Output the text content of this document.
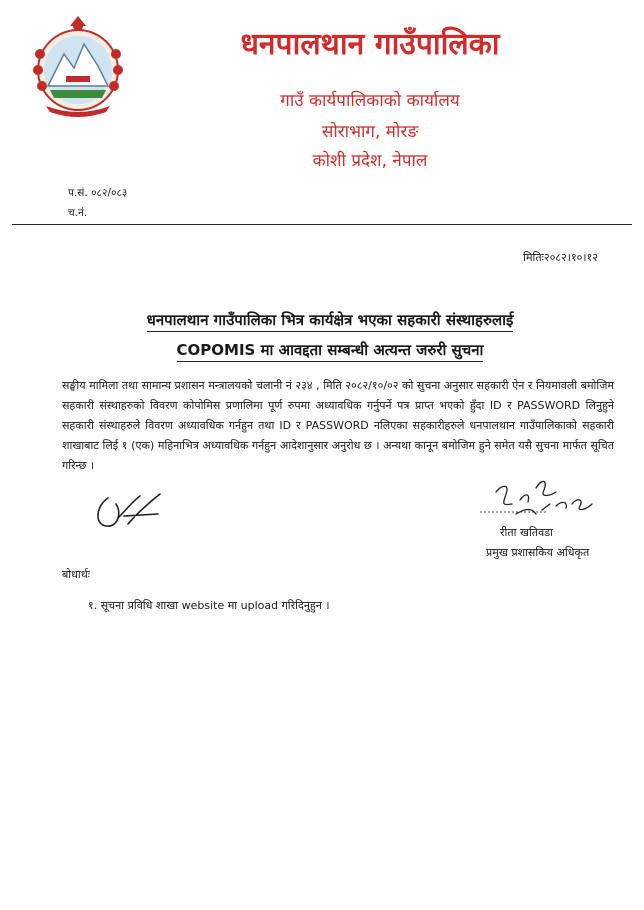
धनपालथान गाउँपालिका
गाउँ कार्यपालिकाको कार्यालय
सोराभाग, मोरङ
कोशी प्रदेश, नेपाल
प.सं. ०८२/०८३
च.नं.
मितिः२०८२।१०।१२
धनपालथान गाउँपालिका भित्र कार्यक्षेत्र भएका सहकारी संस्थाहरुलाई
COPOMIS मा आवद्दता सम्बन्धी अत्यन्त जरुरी सुचना
सङ्घीय मामिला तथा सामान्य प्रशासन मन्त्रालयको चलानी नं २३४ , मिति २०८२/१०/०२ को सुचना अनुसार सहकारी ऐन र नियमावली बमोजिम सहकारी संस्थाहरुको विवरण कोपोमिस प्रणालिमा पूर्ण रुपमा अध्यावधिक गर्नुपर्ने पत्र प्राप्त भएको हुँदा ID र PASSWORD लिनुहुने सहकारी संस्थाहरुले विवरण अध्यावधिक गर्नहुन तथा ID र PASSWORD नलिएका सहकारीहरुले धनपालथान गाउँपालिकाको सहकारी शाखाबाट लिई १ (एक) महिनाभित्र अध्यावधिक गर्नहुन आदेशानुसार अनुरोध छ । अन्यथा कानून बमोजिम हुने समेत यसै सुचना मार्फत सूचित गरिन्छ ।
रीता खतिवडा
प्रमुख प्रशासकिय अधिकृत
बोधार्थः
१. सूचना प्रविधि शाखा website मा upload गरिदिनुहुन ।
